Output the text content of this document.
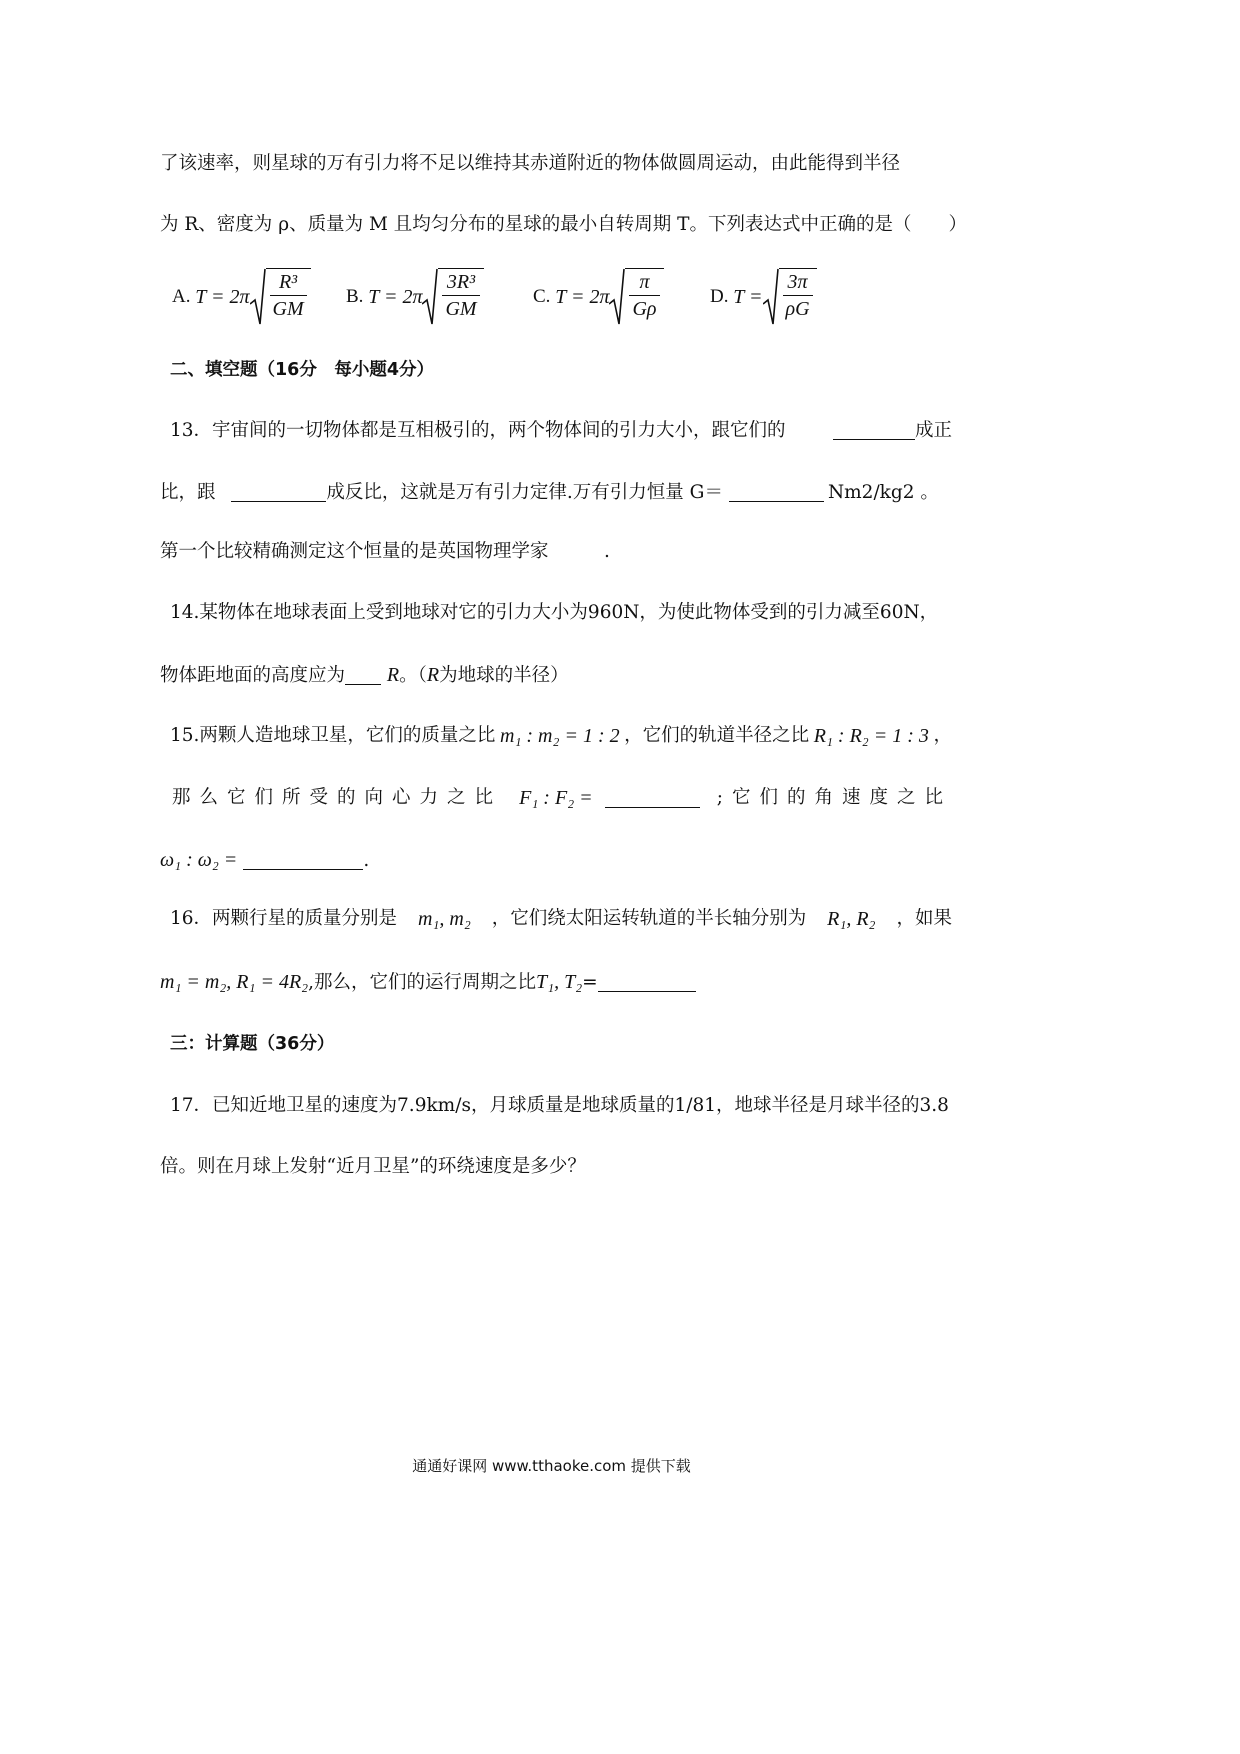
了该速率，则星球的万有引力将不足以维持其赤道附近的物体做圆周运动，由此能得到半径
为 R、密度为 ρ、质量为 M 且均匀分布的星球的最小自转周期 T。下列表达式中正确的是（　　）
A.
$T = 2\pi \frac{\text{R³}}{GM} B$.
$T = 2\pi \frac{\text{3R³}}{GM}$	C.
$T = 2\pi \frac{\pi}{G\rho}$	D.
$T = \frac{3\pi}{\rho G}$
二、填空题（16分　每小题4分）
13．宇宙间的一切物体都是互相极引的，两个物体间的引力大小，跟它们的	成正
比，跟	成反比，这就是万有引力定律.万有引力恒量 G＝	Nm2/kg2 。
第一个比较精确测定这个恒量的是英国物理学家　　　.
14.某物体在地球表面上受到地球对它的引力大小为960N，为使此物体受到的引力减至60N，
物体距地面的高度应为 R。（R为地球的半径）
15.两颗人造地球卫星，它们的质量之比 m₁ : m₂ = 1 : 2 ，它们的轨道半径之比 R₁ : R₂ = 1 : 3 ，
那么它们所受的向心力之比 F₁ : F₂ =	;它们的角速度之比
ω₁ : ω₂ =	.
16．两颗行星的质量分别是 m₁, m₂ ，它们绕太阳运转轨道的半长轴分别为 R₁, R₂ ，如果
m₁ = m₂, R₁ = 4R₂,那么，它们的运行周期之比T₁, T₂=
三：计算题（36分）
17．已知近地卫星的速度为7.9km/s，月球质量是地球质量的1/81，地球半径是月球半径的3.8
倍。则在月球上发射“近月卫星”的环绕速度是多少？
通通好课网 www.tthaoke.com 提供下载
